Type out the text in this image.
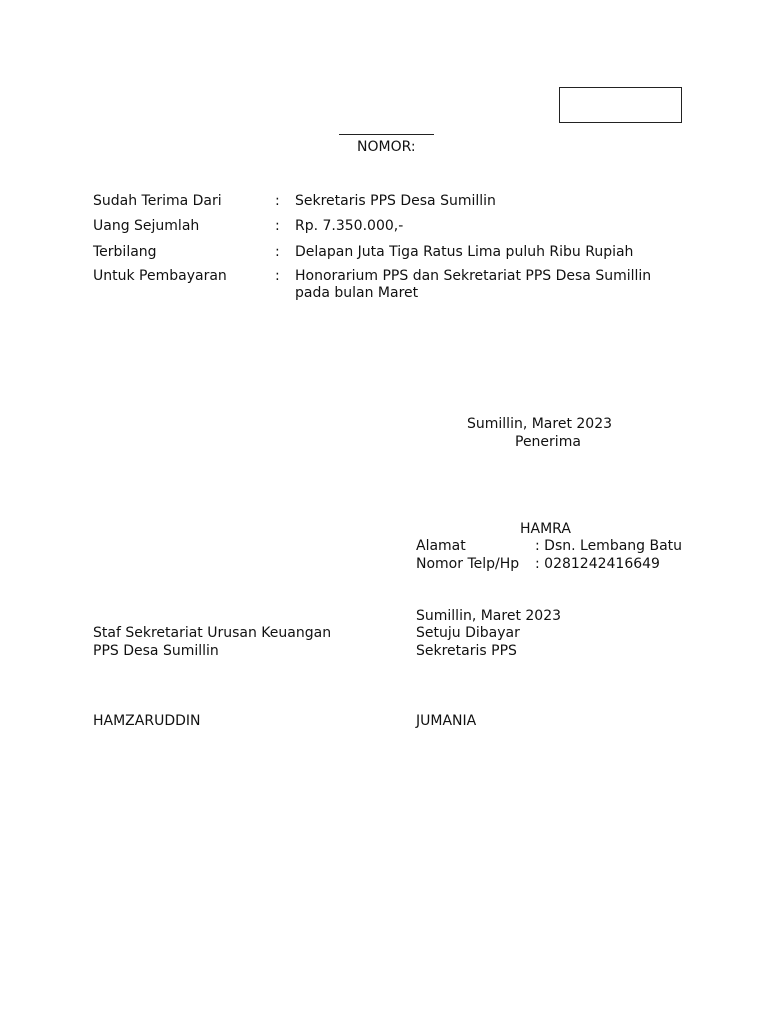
NOMOR:
Sudah Terima Dari	:	Sekretaris PPS Desa Sumillin
Uang Sejumlah	:	Rp. 7.350.000,-
Terbilang	:	Delapan Juta Tiga Ratus Lima puluh Ribu Rupiah
Untuk Pembayaran	:	Honorarium PPS dan Sekretariat PPS Desa Sumillin
pada bulan Maret
Sumillin, Maret 2023
Penerima
HAMRA
Alamat	: Dsn. Lembang Batu
Nomor Telp/Hp : 0281242416649
Sumillin, Maret 2023
Setuju Dibayar
Sekretaris PPS
JUMANIA
Staf Sekretariat Urusan Keuangan
PPS Desa Sumillin
HAMZARUDDIN
